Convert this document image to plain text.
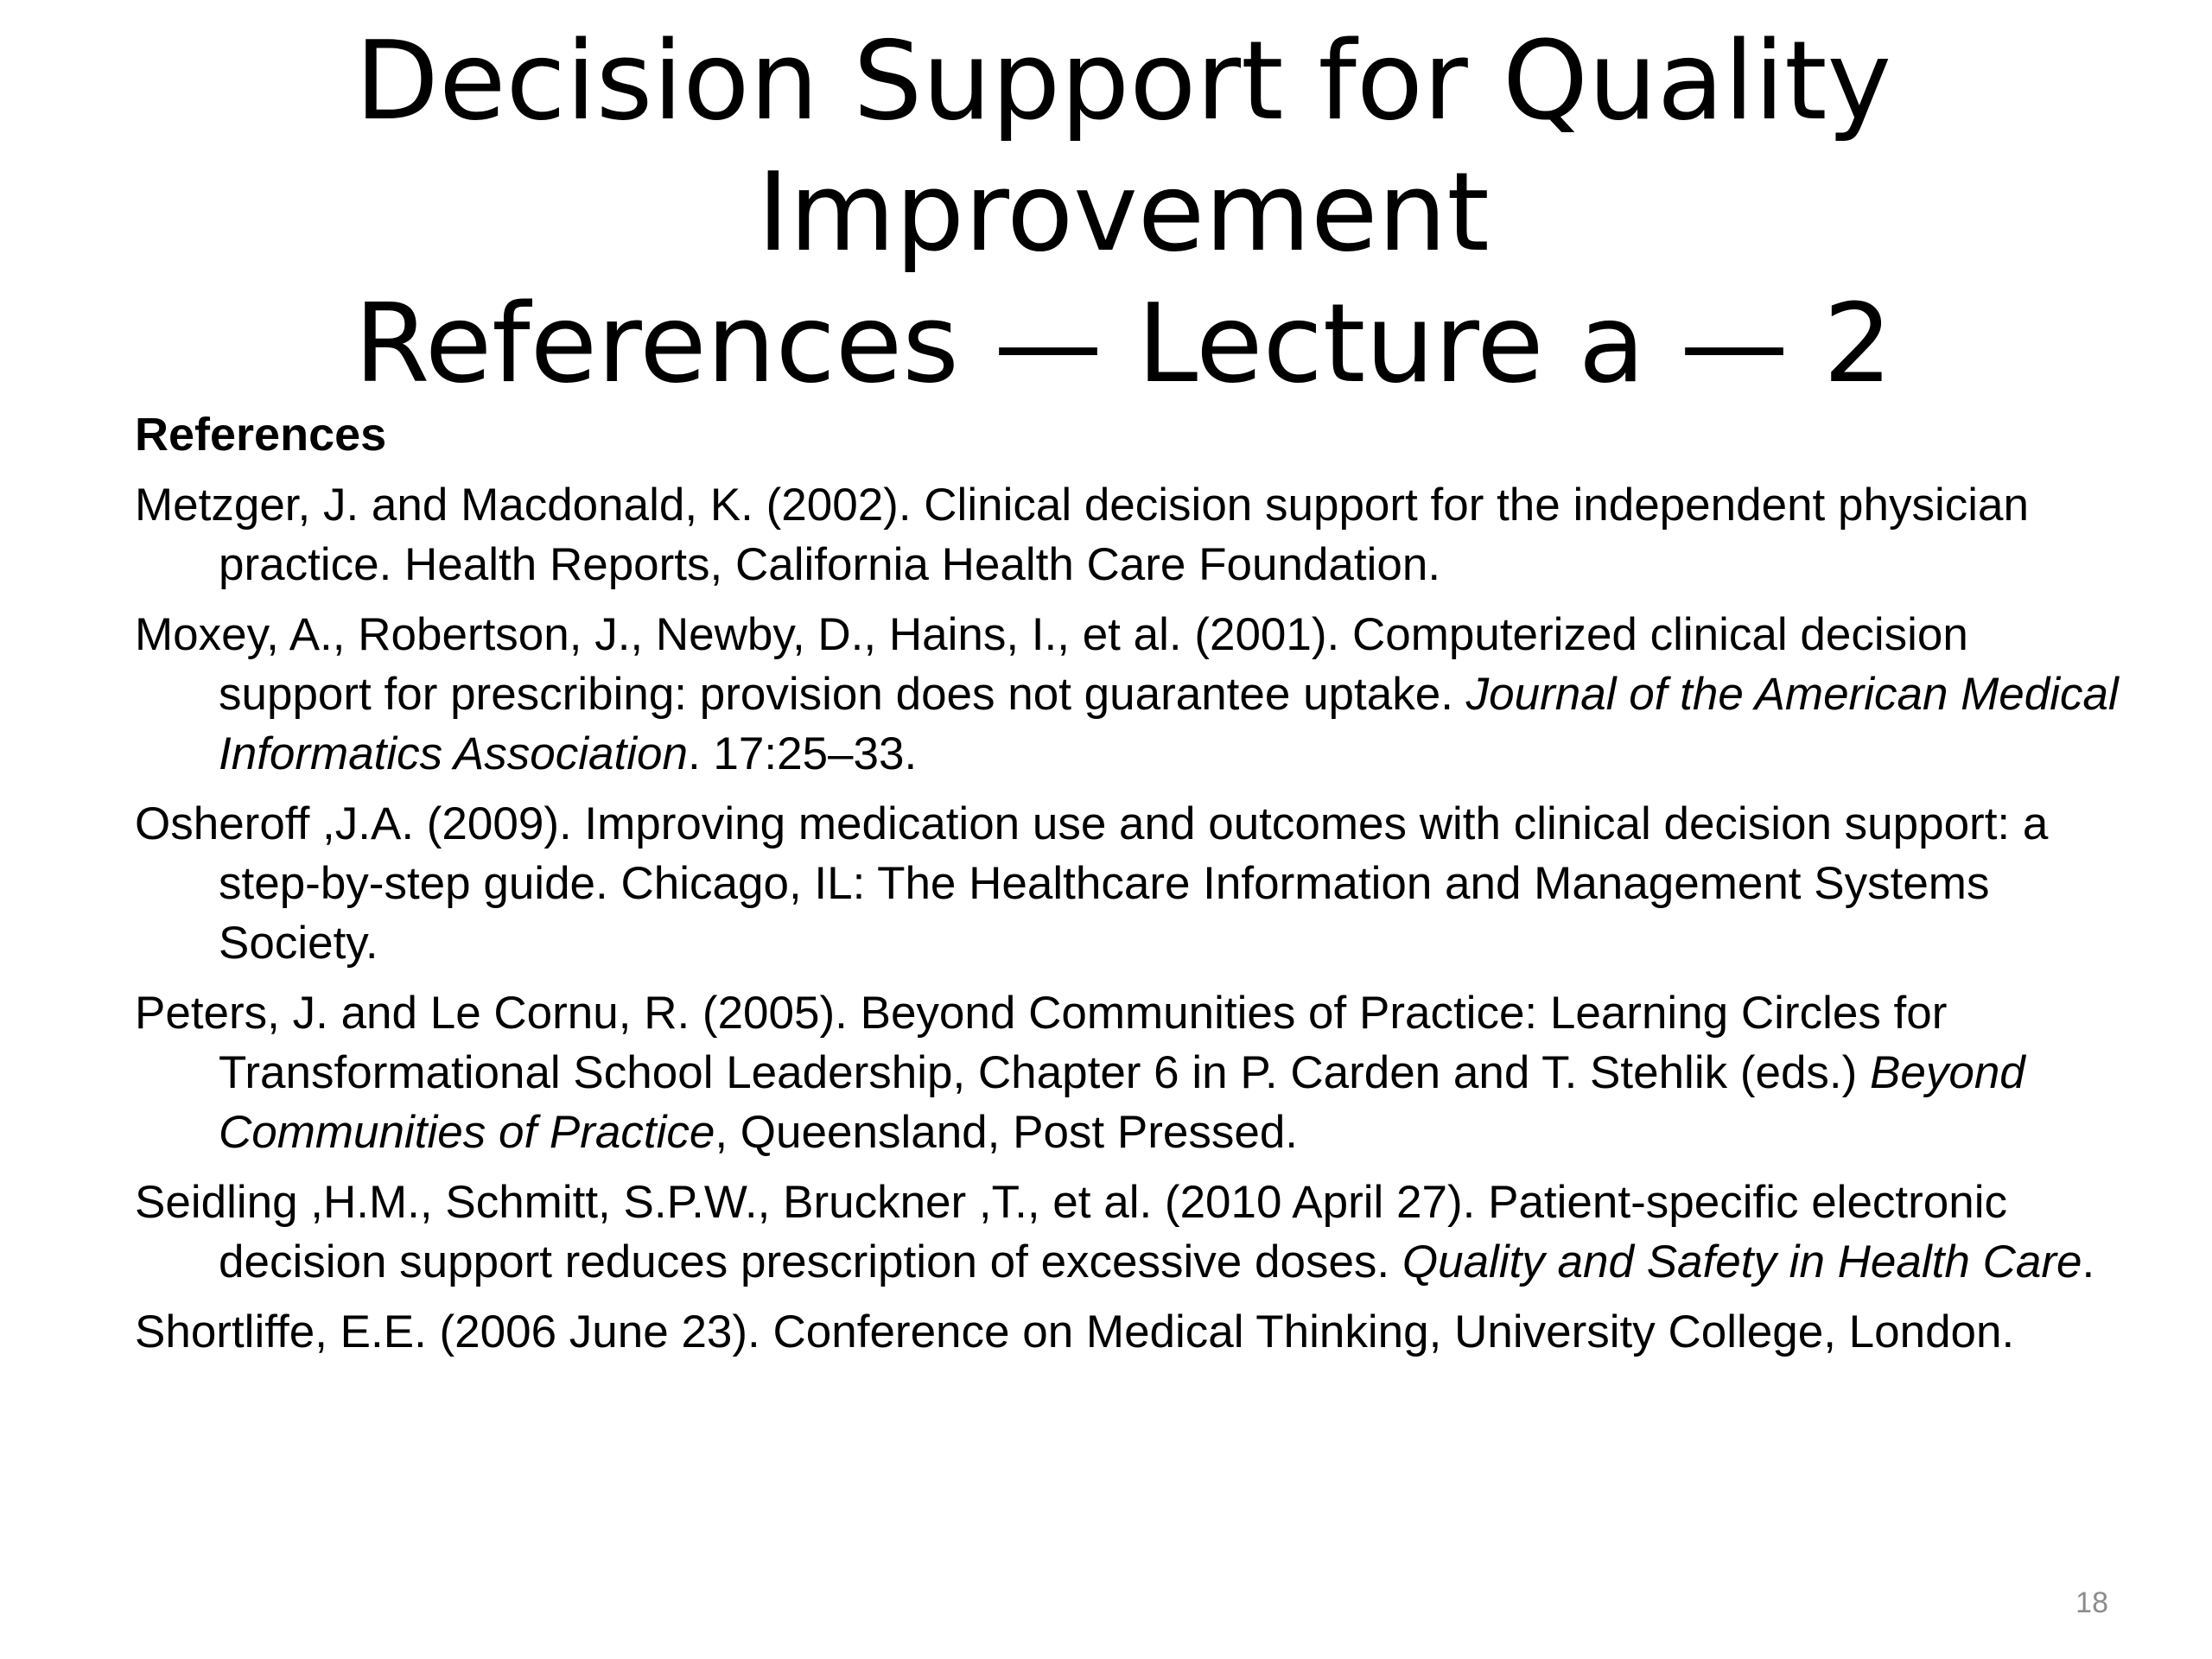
Decision Support for Quality
Improvement
References — Lecture a — 2
References
Metzger, J. and Macdonald, K. (2002). Clinical decision support for the independent physician practice. Health Reports, California Health Care Foundation.
Moxey, A., Robertson, J., Newby, D., Hains, I., et al. (2001). Computerized clinical decision support for prescribing: provision does not guarantee uptake. Journal of the American Medical Informatics Association. 17:25–33.
Osheroff ,J.A. (2009). Improving medication use and outcomes with clinical decision support: a step-by-step guide. Chicago, IL: The Healthcare Information and Management Systems Society.
Peters, J. and Le Cornu, R. (2005). Beyond Communities of Practice: Learning Circles for Transformational School Leadership, Chapter 6 in P. Carden and T. Stehlik (eds.) Beyond Communities of Practice, Queensland, Post Pressed.
Seidling ,H.M., Schmitt, S.P.W., Bruckner ,T., et al. (2010 April 27). Patient-specific electronic decision support reduces prescription of excessive doses. Quality and Safety in Health Care.
Shortliffe, E.E. (2006 June 23). Conference on Medical Thinking, University College, London.
18
